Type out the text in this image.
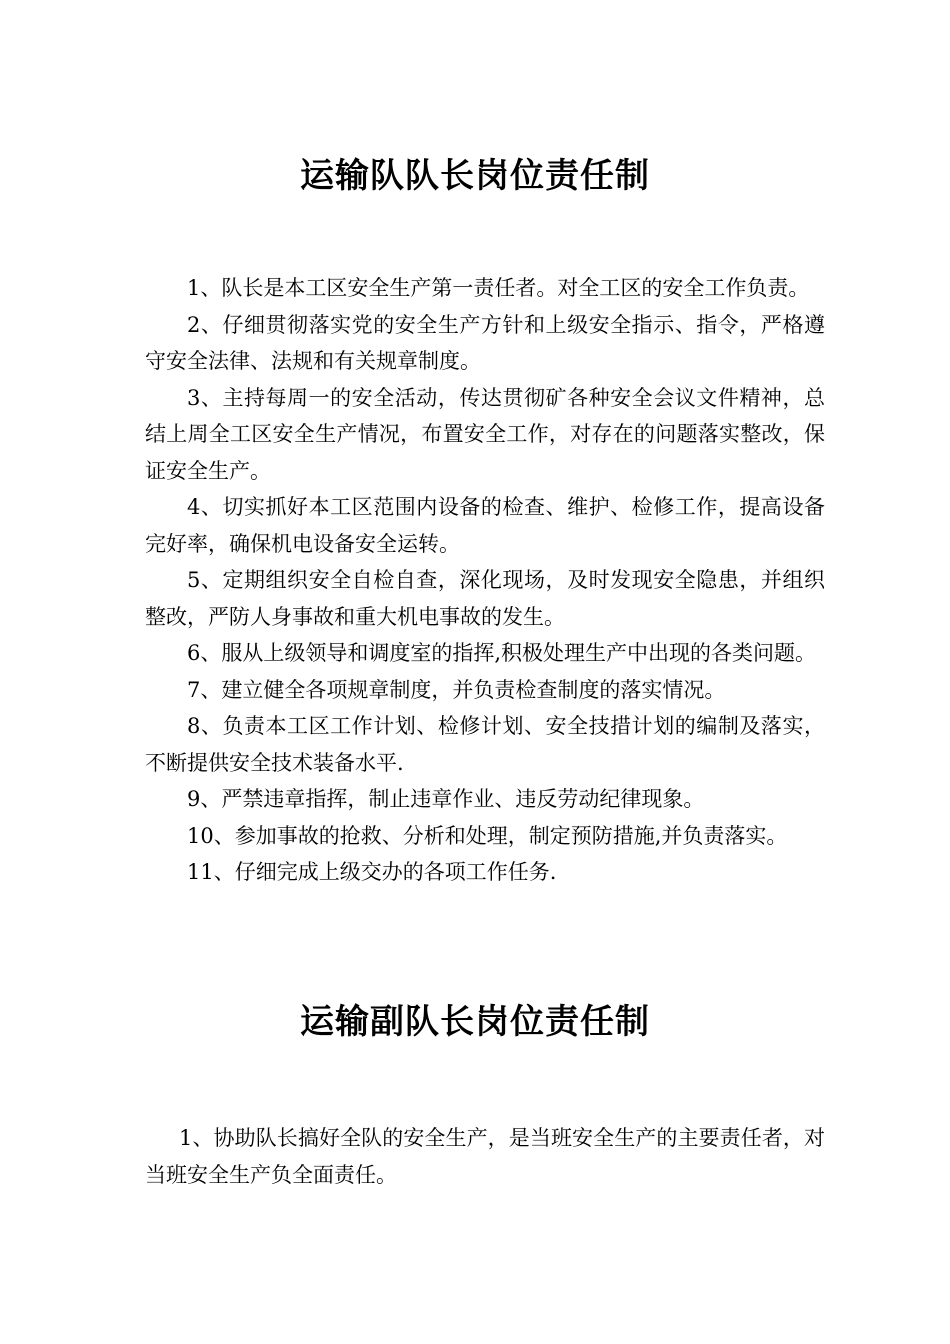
运输队队长岗位责任制

1、队长是本工区安全生产第一责任者。对全工区的安全工作负责。

2、仔细贯彻落实党的安全生产方针和上级安全指示、指令，严格遵守安全法律、法规和有关规章制度。

3、主持每周一的安全活动，传达贯彻矿各种安全会议文件精神，总结上周全工区安全生产情况，布置安全工作，对存在的问题落实整改，保证安全生产。

4、切实抓好本工区范围内设备的检查、维护、检修工作，提高设备完好率，确保机电设备安全运转。

5、定期组织安全自检自查，深化现场，及时发现安全隐患，并组织整改，严防人身事故和重大机电事故的发生。

6、服从上级领导和调度室的指挥,积极处理生产中出现的各类问题。

7、建立健全各项规章制度，并负责检查制度的落实情况。

8、负责本工区工作计划、检修计划、安全技措计划的编制及落实，不断提供安全技术装备水平.

9、严禁违章指挥，制止违章作业、违反劳动纪律现象。

10、参加事故的抢救、分析和处理，制定预防措施,并负责落实。

11、仔细完成上级交办的各项工作任务.

运输副队长岗位责任制

1、协助队长搞好全队的安全生产，是当班安全生产的主要责任者，对当班安全生产负全面责任。
